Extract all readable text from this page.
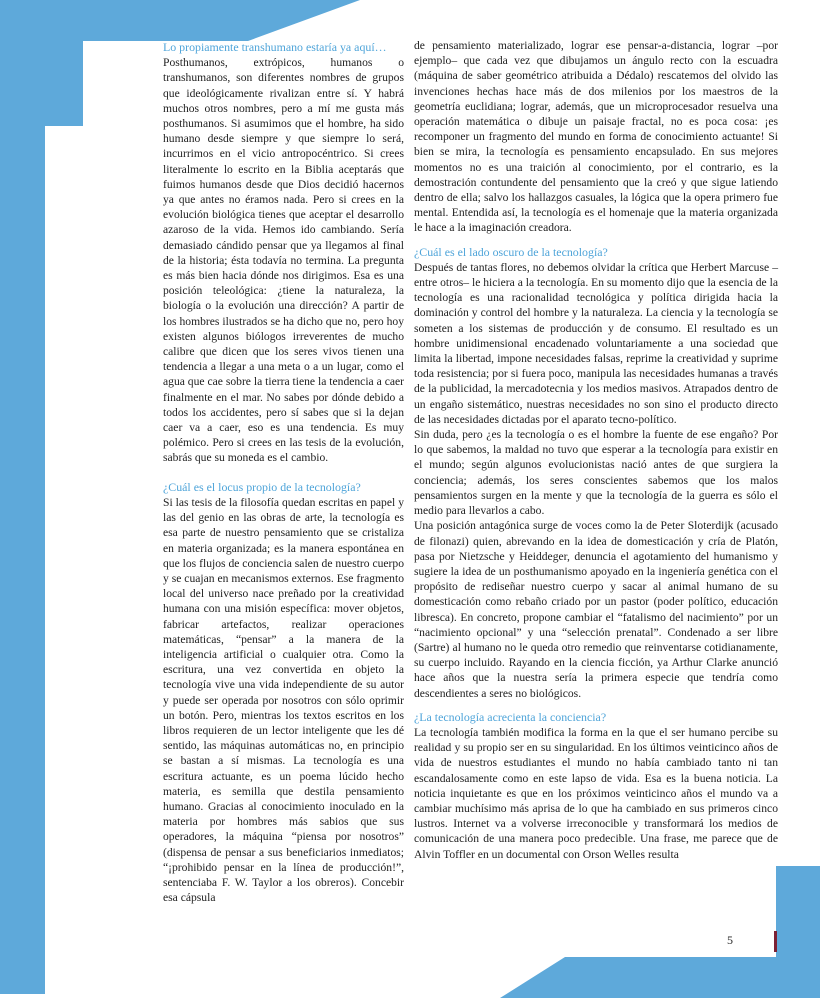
Lo propiamente transhumano estaría ya aquí…

Posthumanos, extrópicos, humanos o transhumanos, son diferentes nombres de grupos que ideológicamente rivalizan entre sí. Y habrá muchos otros nombres, pero a mí me gusta más posthumanos. Si asumimos que el hombre, ha sido humano desde siempre y que siempre lo será, incurrimos en el vicio antropocéntrico. Si crees literalmente lo escrito en la Biblia aceptarás que fuimos humanos desde que Dios decidió hacernos ya que antes no éramos nada. Pero si crees en la evolución biológica tienes que aceptar el desarrollo azaroso de la vida. Hemos ido cambiando. Sería demasiado cándido pensar que ya llegamos al final de la historia; ésta todavía no termina. La pregunta es más bien hacia dónde nos dirigimos. Esa es una posición teleológica: ¿tiene la naturaleza, la biología o la evolución una dirección? A partir de los hombres ilustrados se ha dicho que no, pero hoy existen algunos biólogos irreverentes de mucho calibre que dicen que los seres vivos tienen una tendencia a llegar a una meta o a un lugar, como el agua que cae sobre la tierra tiene la tendencia a caer finalmente en el mar. No sabes por dónde debido a todos los accidentes, pero sí sabes que si la dejan caer va a caer, eso es una tendencia. Es muy polémico. Pero si crees en las tesis de la evolución, sabrás que su moneda es el cambio.

¿Cuál es el locus propio de la tecnología?

Si las tesis de la filosofía quedan escritas en papel y las del genio en las obras de arte, la tecnología es esa parte de nuestro pensamiento que se cristaliza en materia organizada; es la manera espontánea en que los flujos de conciencia salen de nuestro cuerpo y se cuajan en mecanismos externos. Ese fragmento local del universo nace preñado por la creatividad humana con una misión específica: mover objetos, fabricar artefactos, realizar operaciones matemáticas, “pensar” a la manera de la inteligencia artificial o cualquier otra. Como la escritura, una vez convertida en objeto la tecnología vive una vida independiente de su autor y puede ser operada por nosotros con sólo oprimir un botón. Pero, mientras los textos escritos en los libros requieren de un lector inteligente que les dé sentido, las máquinas automáticas no, en principio se bastan a sí mismas. La tecnología es una escritura actuante, es un poema lúcido hecho materia, es semilla que destila pensamiento humano. Gracias al conocimiento inoculado en la materia por hombres más sabios que sus operadores, la máquina “piensa por nosotros” (dispensa de pensar a sus beneficiarios inmediatos; “¡prohibido pensar en la línea de producción!”, sentenciaba F. W. Taylor a los obreros). Concebir esa cápsula

de pensamiento materializado, lograr ese pensar-a-distancia, lograr –por ejemplo– que cada vez que dibujamos un ángulo recto con la escuadra (máquina de saber geométrico atribuida a Dédalo) rescatemos del olvido las invenciones hechas hace más de dos milenios por los maestros de la geometría euclidiana; lograr, además, que un microprocesador resuelva una operación matemática o dibuje un paisaje fractal, no es poca cosa: ¡es recomponer un fragmento del mundo en forma de conocimiento actuante! Si bien se mira, la tecnología es pensamiento encapsulado. En sus mejores momentos no es una traición al conocimiento, por el contrario, es la demostración contundente del pensamiento que la creó y que sigue latiendo dentro de ella; salvo los hallazgos casuales, la lógica que la opera primero fue mental. Entendida así, la tecnología es el homenaje que la materia organizada le hace a la imaginación creadora.

¿Cuál es el lado oscuro de la tecnología?

Después de tantas flores, no debemos olvidar la crítica que Herbert Marcuse –entre otros– le hiciera a la tecnología. En su momento dijo que la esencia de la tecnología es una racionalidad tecnológica y política dirigida hacia la dominación y control del hombre y la naturaleza. La ciencia y la tecnología se someten a los sistemas de producción y de consumo. El resultado es un hombre unidimensional encadenado voluntariamente a una sociedad que limita la libertad, impone necesidades falsas, reprime la creatividad y suprime toda resistencia; por si fuera poco, manipula las necesidades humanas a través de la publicidad, la mercadotecnia y los medios masivos. Atrapados dentro de un engaño sistemático, nuestras necesidades no son sino el producto directo de las necesidades dictadas por el aparato tecno-político.

Sin duda, pero ¿es la tecnología o es el hombre la fuente de ese engaño? Por lo que sabemos, la maldad no tuvo que esperar a la tecnología para existir en el mundo; según algunos evolucionistas nació antes de que surgiera la conciencia; además, los seres conscientes sabemos que los malos pensamientos surgen en la mente y que la tecnología de la guerra es sólo el medio para llevarlos a cabo.

Una posición antagónica surge de voces como la de Peter Sloterdijk (acusado de filonazi) quien, abrevando en la idea de domesticación y cría de Platón, pasa por Nietzsche y Heiddeger, denuncia el agotamiento del humanismo y sugiere la idea de un posthumanismo apoyado en la ingeniería genética con el propósito de rediseñar nuestro cuerpo y sacar al animal humano de su domesticación como rebaño criado por un pastor (poder político, educación libresca). En concreto, propone cambiar el “fatalismo del nacimiento” por un “nacimiento opcional” y una “selección prenatal”. Condenado a ser libre (Sartre) al humano no le queda otro remedio que reinventarse cotidianamente, su cuerpo incluido. Rayando en la ciencia ficción, ya Arthur Clarke anunció hace años que la nuestra sería la primera especie que tendría como descendientes a seres no biológicos.

¿La tecnología acrecienta la conciencia?

La tecnología también modifica la forma en la que el ser humano percibe su realidad y su propio ser en su singularidad. En los últimos veinticinco años de vida de nuestros estudiantes el mundo no había cambiado tanto ni tan escandalosamente como en este lapso de vida. Esa es la buena noticia. La noticia inquietante es que en los próximos veinticinco años el mundo va a cambiar muchísimo más aprisa de lo que ha cambiado en sus primeros cinco lustros. Internet va a volverse irreconocible y transformará los medios de comunicación de una manera poco predecible. Una frase, me parece que de Alvin Toffler en un documental con Orson Welles resulta

5
